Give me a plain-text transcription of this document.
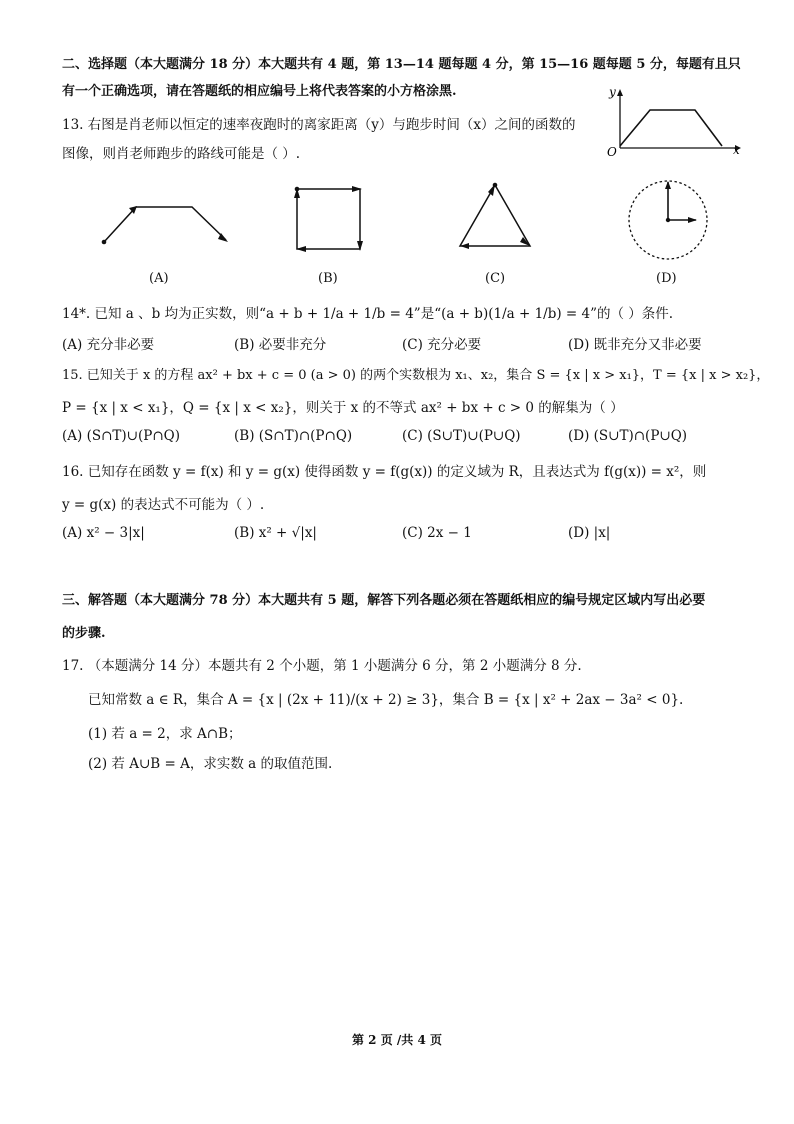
二、选择题（本大题满分 18 分）本大题共有 4 题，第 13—14 题每题 4 分，第 15—16 题每题 5 分，每题有且只
有一个正确选项，请在答题纸的相应编号上将代表答案的小方格涂黑.
13. 右图是肖老师以恒定的速率夜跑时的离家距离（y）与跑步时间（x）之间的函数的
图像，则肖老师跑步的路线可能是（ ）.
y
x
O
(A)	(B)	(C)	(D)
14*. 已知 a 、b 均为正实数，则“a + b + 1/a + 1/b = 4”是“(a + b)(1/a + 1/b) = 4”的（ ）条件.
(A) 充分非必要	(B) 必要非充分	(C) 充分必要	(D) 既非充分又非必要
15. 已知关于 x 的方程 ax² + bx + c = 0 (a > 0) 的两个实数根为 x₁、x₂，集合 S = {x | x > x₁}，T = {x | x > x₂}，
P = {x | x < x₁}，Q = {x | x < x₂}，则关于 x 的不等式 ax² + bx + c > 0 的解集为（ ）
(A) (S∩T)∪(P∩Q)	(B) (S∩T)∩(P∩Q)	(C) (S∪T)∪(P∪Q)	(D) (S∪T)∩(P∪Q)
16. 已知存在函数 y = f(x) 和 y = g(x) 使得函数 y = f(g(x)) 的定义域为 R，且表达式为 f(g(x)) = x²，则
y = g(x) 的表达式不可能为（ ）.
(A) x² − 3|x|	(B) x² + √|x|	(C) 2x − 1	(D) |x|
三、解答题（本大题满分 78 分）本大题共有 5 题，解答下列各题必须在答题纸相应的编号规定区域内写出必要
的步骤.
17. （本题满分 14 分）本题共有 2 个小题，第 1 小题满分 6 分，第 2 小题满分 8 分.
已知常数 a ∈ R，集合 A = {x | (2x + 11)/(x + 2) ≥ 3}，集合 B = {x | x² + 2ax − 3a² < 0}.
(1) 若 a = 2，求 A∩B；
(2) 若 A∪B = A，求实数 a 的取值范围.
第 2 页 /共 4 页
